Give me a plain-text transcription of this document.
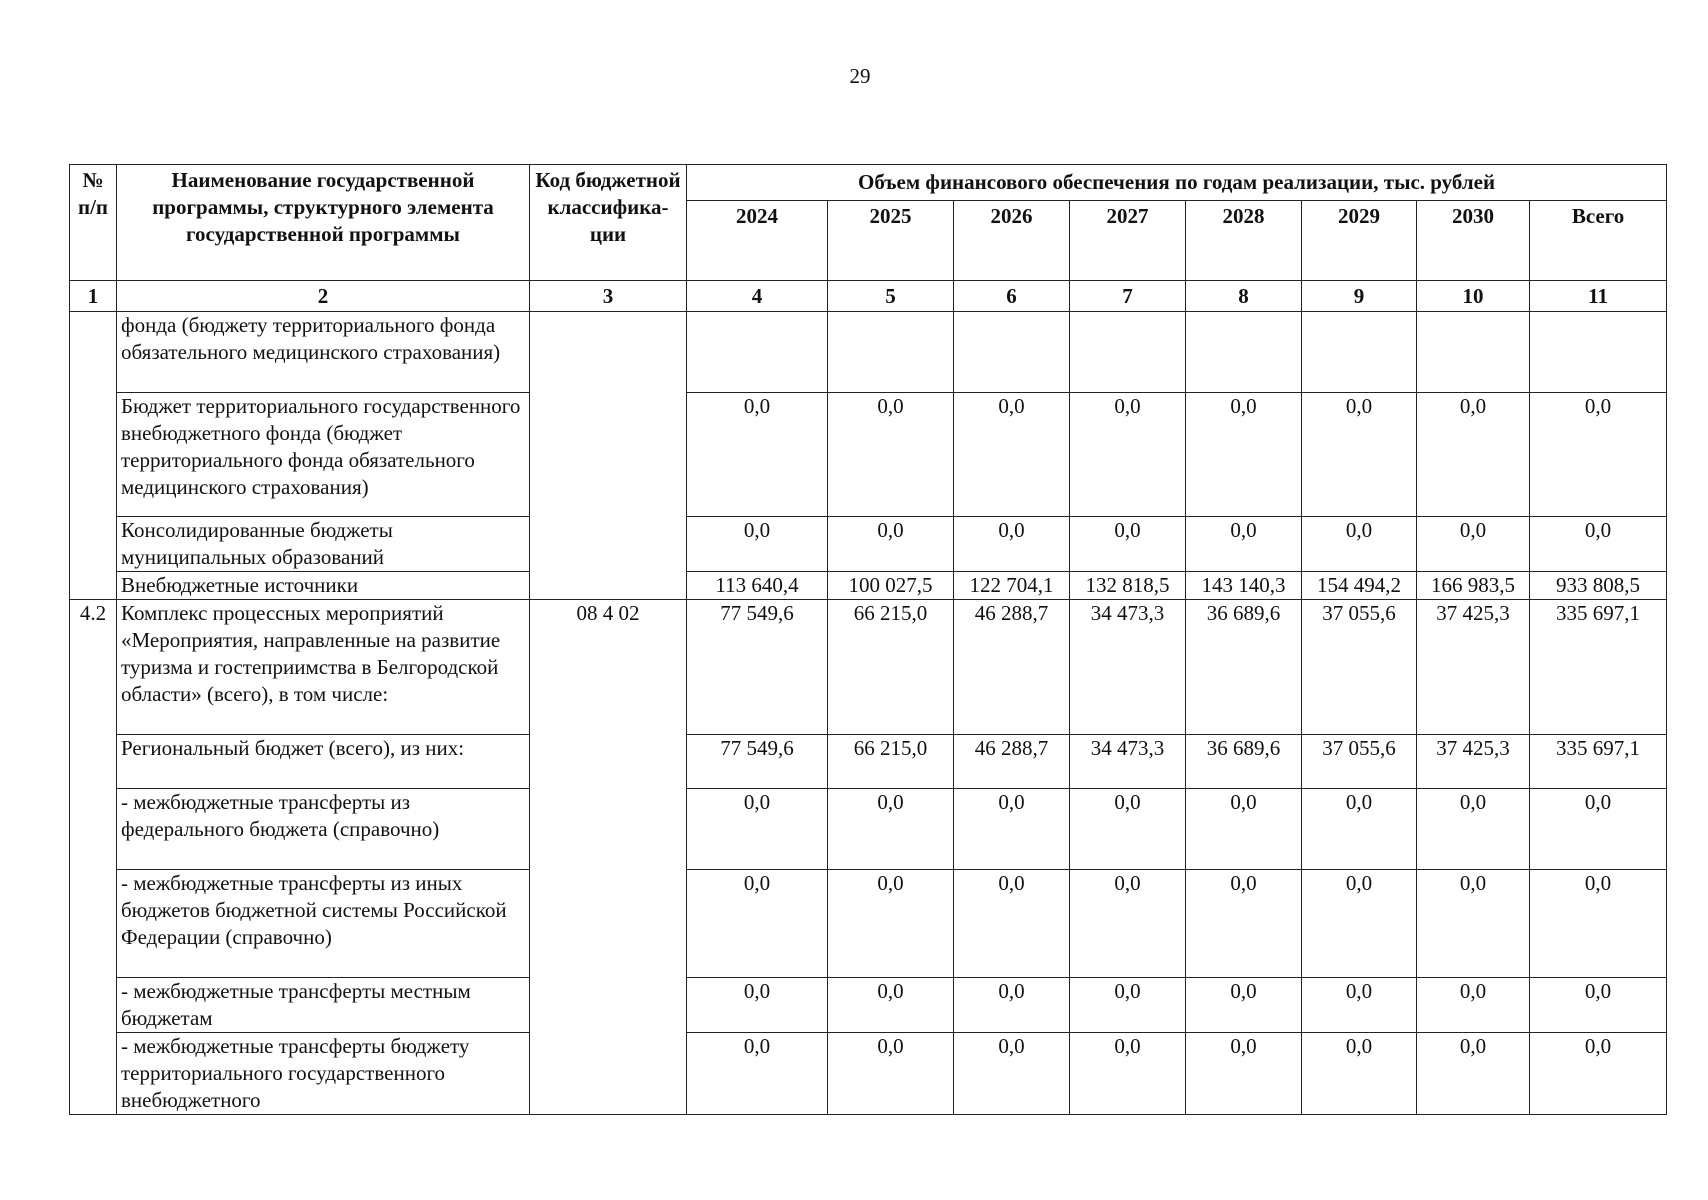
29
№ п/п	Наименование государственной программы, структурного элемента государственной программы	Код бюджетной классифика-ции	Объем финансового обеспечения по годам реализации, тыс. рублей							
			2024	2025	2026	2027	2028	2029	2030	Всего
1	2	3	4	5	6	7	8	9	10	11
	фонда (бюджету территориального фонда обязательного медицинского страхования)									
	Бюджет территориального государственного внебюджетного фонда (бюджет территориального фонда обязательного медицинского страхования)		0,0	0,0	0,0	0,0	0,0	0,0	0,0	0,0
	Консолидированные бюджеты муниципальных образований		0,0	0,0	0,0	0,0	0,0	0,0	0,0	0,0
	Внебюджетные источники		113 640,4	100 027,5	122 704,1	132 818,5	143 140,3	154 494,2	166 983,5	933 808,5
4.2	Комплекс процессных мероприятий «Мероприятия, направленные на развитие туризма и гостеприимства в Белгородской области» (всего), в том числе:	08 4 02	77 549,6	66 215,0	46 288,7	34 473,3	36 689,6	37 055,6	37 425,3	335 697,1
	Региональный бюджет (всего), из них:		77 549,6	66 215,0	46 288,7	34 473,3	36 689,6	37 055,6	37 425,3	335 697,1
	- межбюджетные трансферты из федерального бюджета (справочно)		0,0	0,0	0,0	0,0	0,0	0,0	0,0	0,0
	- межбюджетные трансферты из иных бюджетов бюджетной системы Российской Федерации (справочно)		0,0	0,0	0,0	0,0	0,0	0,0	0,0	0,0
	- межбюджетные трансферты местным бюджетам		0,0	0,0	0,0	0,0	0,0	0,0	0,0	0,0
	- межбюджетные трансферты бюджету территориального государственного внебюджетного		0,0	0,0	0,0	0,0	0,0	0,0	0,0	0,0
